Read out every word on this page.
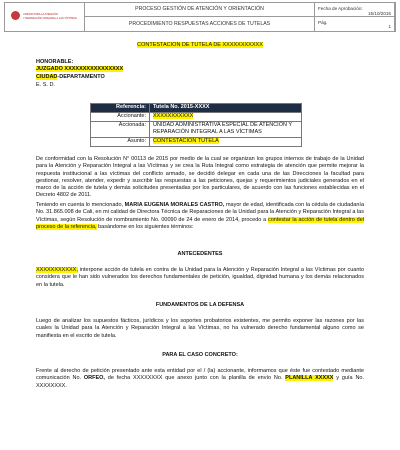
UNIDAD PARA LA ATENCIÓN
Y REPARACIÓN INTEGRAL A LAS VÍCTIMAS
PROCESO GESTIÓN DE ATENCIÓN Y ORIENTACIÓN
PROCEDIMIENTO RESPUESTAS ACCIONES DE TUTELAS
Fecha de Aprobación:
15/10/2015
Pág.
1
CONTESTACION DE TUTELA DE XXXXXXXXXXX
HONORABLE:
JUZGADO XXXXXXXXXXXXXXXX
CIUDAD-DEPARTAMENTO
E. S. D.
Referencia:	Tutela No. 2015-XXXX
Accionante:	XXXXXXXXXXX
Accionada:	UNIDAD ADMINISTRATIVA ESPECIAL DE ATENCIÓN Y REPARACIÓN INTEGRAL A LAS VÍCTIMAS
Asunto:	CONTESTACION TUTELA
De conformidad con la Resolución N° 00113 de 2015 por medio de la cual se organizan los grupos internos de trabajo de la Unidad para la Atención y Reparación Integral a las Víctimas y se crea la Ruta Integral como estrategia de atención que permite mejorar la respuesta institucional a las víctimas del conflicto armado, se decidió delegar en cada una de las Direcciones la facultad para gestionar, resolver, atender, expedir y suscribir las respuestas a las peticiones, quejas y requerimientos judiciales generados en el marco de la acción de tutela y demás solicitudes presentadas por los particulares, de acuerdo con las funciones establecidas en el Decreto 4802 de 2011.
Teniendo en cuenta lo mencionado, MARIA EUGENIA MORALES CASTRO, mayor de edad, identificada con la cédula de ciudadanía No. 31.865.008 de Cali, en mi calidad de Directora Técnica de Reparaciones de la Unidad para la Atención y Reparación Integral a las Víctimas, según Resolución de nombramiento No. 00090 de 24 de enero de 2014, procedo a contestar la acción de tutela dentro del proceso de la referencia, basándome en los siguientes términos:
ANTECEDENTES
XXXXXXXXXXX, interpone acción de tutela en contra de la Unidad para la Atención y Reparación Integral a las Víctimas por cuanto considera que le han sido vulnerados los derechos fundamentales de petición, igualdad, dignidad humana y los demás relacionados en la tutela.
FUNDAMENTOS DE LA DEFENSA
Luego de analizar los supuestos fácticos, jurídicos y los soportes probatorios existentes, me permito exponer las razones por las cuales la Unidad para la Atención y Reparación Integral a las Víctimas, no ha vulnerado derecho fundamental alguno como se manifiesta en el escrito de tutela.
PARA EL CASO CONCRETO:
Frente al derecho de petición presentado ante esta entidad por el / (la) accionante, informamos que éste fue contestado mediante comunicación No. ORFEO, de fecha XXXXXXXX que anexo junto con la planilla de envío No. PLANILLA XXXXX y guía No. XXXXXXXX.
